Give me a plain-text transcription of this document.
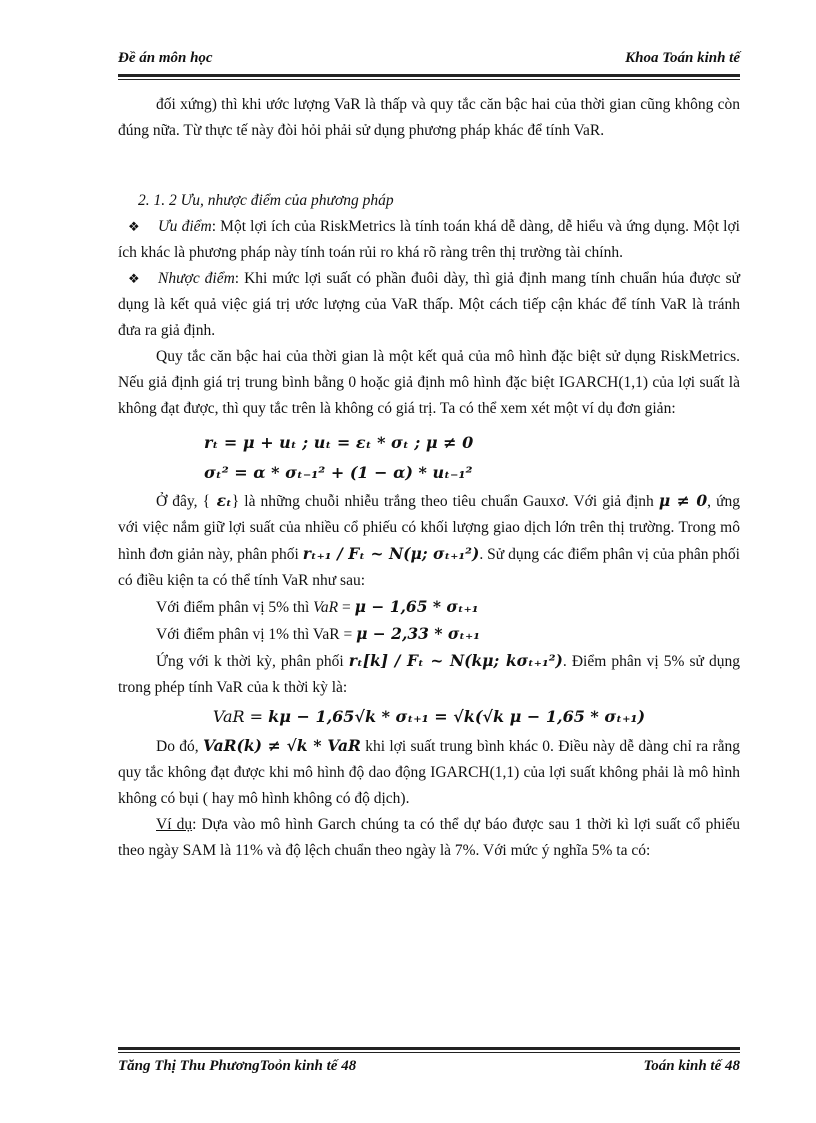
Đề án môn học	Khoa Toán kinh tế

đối xứng) thì khi ước lượng VaR là thấp và quy tắc căn bậc hai của thời gian cũng không còn đúng nữa. Từ thực tế này đòi hỏi phải sử dụng phương pháp khác để tính VaR.

2. 1. 2 Ưu, nhược điểm của phương pháp

❖ Ưu điểm: Một lợi ích của RiskMetrics là tính toán khá dễ dàng, dễ hiểu và ứng dụng. Một lợi ích khác là phương pháp này tính toán rủi ro khá rõ ràng trên thị trường tài chính.

❖ Nhược điểm: Khi mức lợi suất có phần đuôi dày, thì giả định mang tính chuẩn húa được sử dụng là kết quả việc giá trị ước lượng của VaR thấp. Một cách tiếp cận khác để tính VaR là tránh đưa ra giả định.

Quy tắc căn bậc hai của thời gian là một kết quả của mô hình đặc biệt sử dụng RiskMetrics. Nếu giả định giá trị trung bình bằng 0 hoặc giả định mô hình đặc biệt IGARCH(1,1) của lợi suất là không đạt được, thì quy tắc trên là không có giá trị. Ta có thể xem xét một ví dụ đơn giản:

rₜ = μ + uₜ ; uₜ = εₜ * σₜ ; μ ≠ 0

σₜ² = α * σₜ₋₁² + (1 − α) * uₜ₋₁²

Ở đây, { εₜ} là những chuỗi nhiễu trắng theo tiêu chuẩn Gauxơ. Với giả định μ ≠ 0, ứng với việc nắm giữ lợi suất của nhiều cổ phiếu có khối lượng giao dịch lớn trên thị trường. Trong mô hình đơn giản này, phân phối rₜ₊₁ / Fₜ ~ N(μ; σₜ₊₁²). Sử dụng các điểm phân vị của phân phối có điều kiện ta có thể tính VaR như sau:

Với điểm phân vị 5% thì VaR = μ − 1,65 * σₜ₊₁

Với điểm phân vị 1% thì VaR = μ − 2,33 * σₜ₊₁

Ứng với k thời kỳ, phân phối rₜ[k] / Fₜ ~ N(kμ; kσₜ₊₁²). Điểm phân vị 5% sử dụng trong phép tính VaR của k thời kỳ là:

VaR = kμ − 1,65√k * σₜ₊₁ = √k(√k μ − 1,65 * σₜ₊₁)

Do đó, VaR(k) ≠ √k * VaR khi lợi suất trung bình khác 0. Điều này dễ dàng chỉ ra rằng quy tắc không đạt được khi mô hình độ dao động IGARCH(1,1) của lợi suất không phải là mô hình không có bụi ( hay mô hình không có độ dịch).

Ví dụ: Dựa vào mô hình Garch chúng ta có thể dự báo được sau 1 thời kì lợi suất cổ phiếu theo ngày SAM là 11% và độ lệch chuẩn theo ngày là 7%. Với mức ý nghĩa 5% ta có:

Tăng Thị Thu PhươngToỏn kinh tế 48	Toán kinh tế 48
